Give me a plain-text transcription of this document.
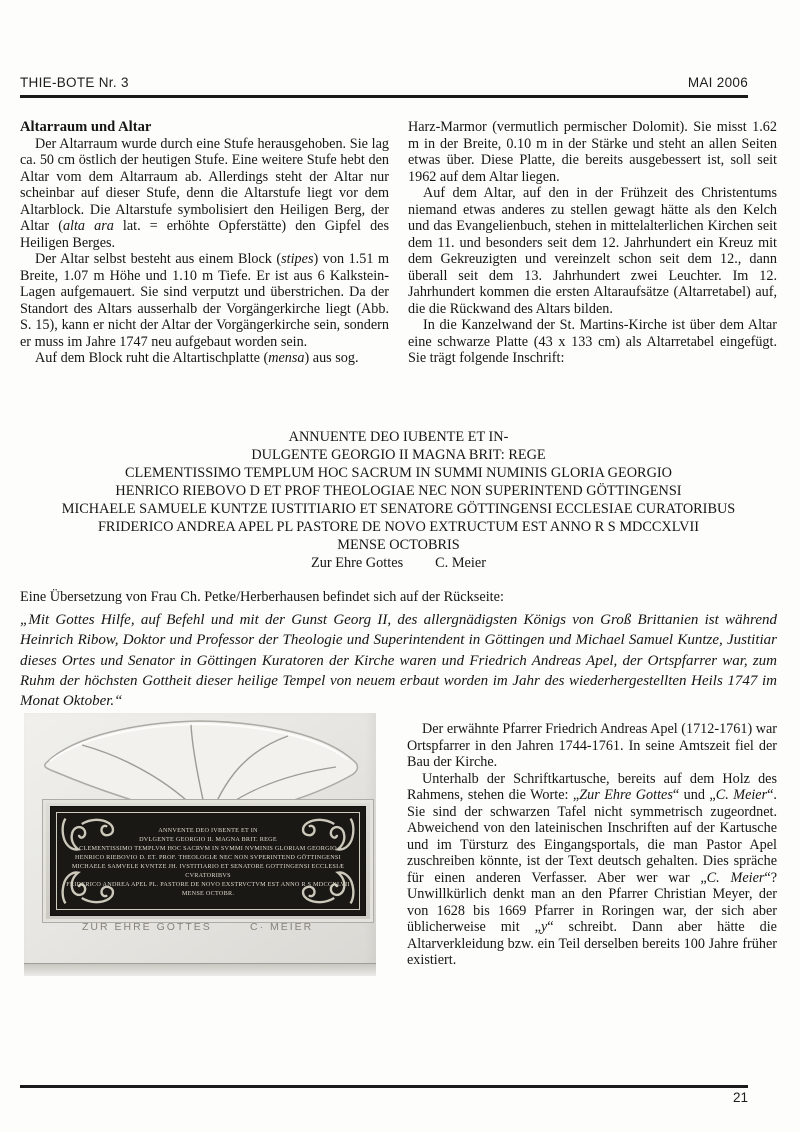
THIE-BOTE Nr. 3	MAI 2006
Altarraum und Altar

Der Altarraum wurde durch eine Stufe herausgehoben. Sie lag ca. 50 cm östlich der heutigen Stufe. Eine weitere Stufe hebt den Altar vom dem Altarraum ab. Allerdings steht der Altar nur scheinbar auf dieser Stufe, denn die Altarstufe liegt vor dem Altarblock. Die Altarstufe symbolisiert den Heiligen Berg, der Altar (alta ara lat. = erhöhte Opferstätte) den Gipfel des Heiligen Berges.

Der Altar selbst besteht aus einem Block (stipes) von 1.51 m Breite, 1.07 m Höhe und 1.10 m Tiefe. Er ist aus 6 Kalkstein-Lagen aufgemauert. Sie sind verputzt und überstrichen. Da der Standort des Altars ausserhalb der Vorgängerkirche liegt (Abb. S. 15), kann er nicht der Altar der Vorgängerkirche sein, sondern er muss im Jahre 1747 neu aufgebaut worden sein.

Auf dem Block ruht die Altartischplatte (mensa) aus sog.

Harz-Marmor (vermutlich permischer Dolomit). Sie misst 1.62 m in der Breite, 0.10 m in der Stärke und steht an allen Seiten etwas über. Diese Platte, die bereits ausgebessert ist, soll seit 1962 auf dem Altar liegen.

Auf dem Altar, auf den in der Frühzeit des Christentums niemand etwas anderes zu stellen gewagt hätte als den Kelch und das Evangelienbuch, stehen in mittelalterlichen Kirchen seit dem 11. und besonders seit dem 12. Jahrhundert ein Kreuz mit dem Gekreuzigten und vereinzelt schon seit dem 12., dann überall seit dem 13. Jahrhundert zwei Leuchter. Im 12. Jahrhundert kommen die ersten Altaraufsätze (Altarretabel) auf, die die Rückwand des Altars bilden.

In die Kanzelwand der St. Martins-Kirche ist über dem Altar eine schwarze Platte (43 x 133 cm) als Altarretabel eingefügt. Sie trägt folgende Inschrift:

ANNUENTE DEO IUBENTE ET IN-
DULGENTE GEORGIO II MAGNA BRIT: REGE
CLEMENTISSIMO TEMPLUM HOC SACRUM IN SUMMI NUMINIS GLORIA GEORGIO
HENRICO RIEBOVO D ET PROF THEOLOGIAE NEC NON SUPERINTEND GÖTTINGENSI
MICHAELE SAMUELE KUNTZE IUSTITIARIO ET SENATORE GÖTTINGENSI ECCLESIAE CURATORIBUS
FRIDERICO ANDREA APEL PL PASTORE DE NOVO EXTRUCTUM EST ANNO R S MDCCXLVII
MENSE OCTOBRIS
Zur Ehre Gottes C. Meier
Eine Übersetzung von Frau Ch. Petke/Herberhausen befindet sich auf der Rückseite:
„Mit Gottes Hilfe, auf Befehl und mit der Gunst Georg II, des allergnädigsten Königs von Groß Brittanien ist während Heinrich Ribow, Doktor und Professor der Theologie und Superintendent in Göttingen und Michael Samuel Kuntze, Justitiar dieses Ortes und Senator in Göttingen Kuratoren der Kirche waren und Friedrich Andreas Apel, der Ortspfarrer war, zum Ruhm der höchsten Gottheit dieser heilige Tempel von neuem erbaut worden im Jahr des wiederhergestellten Heils 1747 im Monat Oktober.“
ANNVENTE DEO IVBENTE ET IN
DVLGENTE GEORGIO II. MAGNA BRIT. REGE
CLEMENTISSIMO TEMPLVM HOC SACRVM IN SVMMI NVMINIS GLORIAM GEORGIO
HENRICO RIEBOVIO D. ET. PROF. THEOLOGIÆ NEC NON SVPERINTEND GÖTTINGENSI
MICHAELE SAMVELE KVNTZE JH. IVSTITIARIO ET SENATORE GOTTINGENSI ECCLESIÆ CVRATORIBVS
FRIDERICO ANDREA APEL PL. PASTORE DE NOVO EXSTRVCTVM EST ANNO R S MDCCXLVII
MENSE OCTOBR.
ZUR EHRE GOTTES	C· MEIER

Der erwähnte Pfarrer Friedrich Andreas Apel (1712-1761) war Ortspfarrer in den Jahren 1744-1761. In seine Amtszeit fiel der Bau der Kirche.

Unterhalb der Schriftkartusche, bereits auf dem Holz des Rahmens, stehen die Worte: „Zur Ehre Gottes“ und „C. Meier“. Sie sind der schwarzen Tafel nicht symmetrisch zugeordnet. Abweichend von den lateinischen Inschriften auf der Kartusche und im Türsturz des Eingangsportals, die man Pastor Apel zuschreiben könnte, ist der Text deutsch gehalten. Dies spräche für einen anderen Verfasser. Aber wer war „C. Meier“? Unwillkürlich denkt man an den Pfarrer Christian Meyer, der von 1628 bis 1669 Pfarrer in Roringen war, der sich aber üblicherweise mit „y“ schreibt. Dann aber hätte die Altarverkleidung bzw. ein Teil derselben bereits 100 Jahre früher existiert.

21
